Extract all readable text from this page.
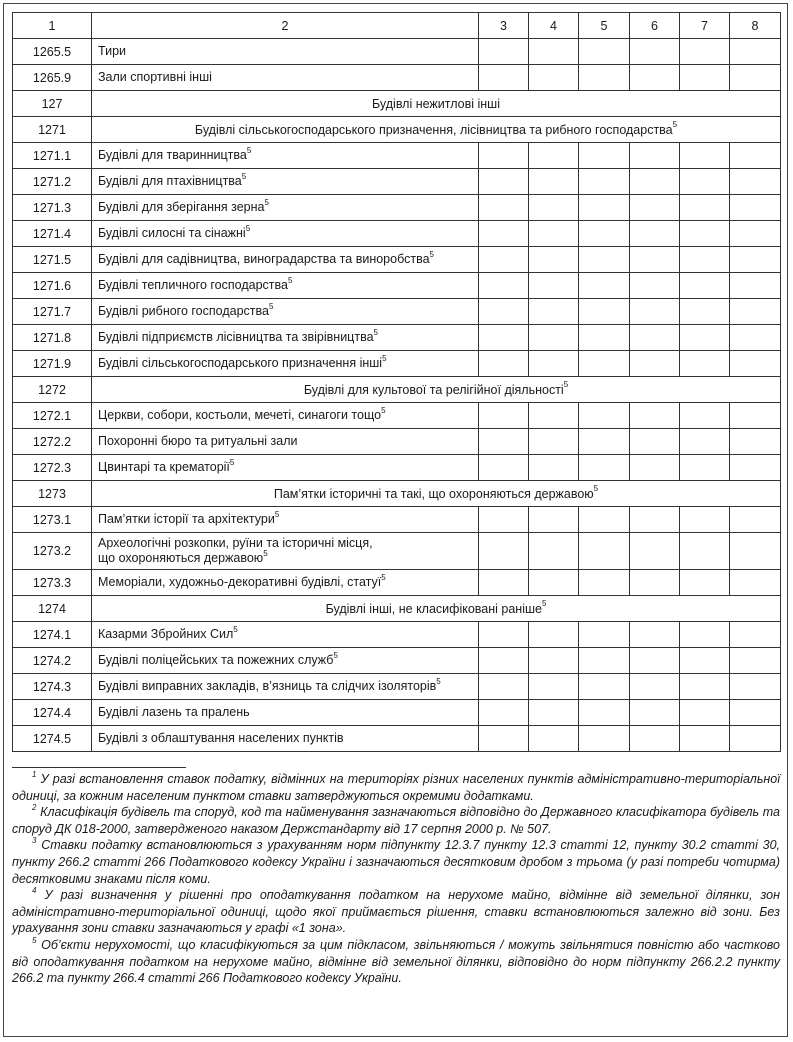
1	2	3	4	5	6	7	8
1265.5	Тири						
1265.9	Зали спортивні інші						
127	Будівлі нежитлові інші						
1271	Будівлі сільськогосподарського призначення, лісівництва та рибного господарства$^5$
1271.1	Будівлі для тваринництва$^5$						
1271.2	Будівлі для птахівництва$^5$						
1271.3	Будівлі для зберігання зерна$^5$						
1271.4	Будівлі силосні та сінажні$^5$						
1271.5	Будівлі для садівництва, виноградарства та виноробства$^5$						
1271.6	Будівлі тепличного господарства$^5$						
1271.7	Будівлі рибного господарства$^5$						
1271.8	Будівлі підприємств лісівництва та звірівництва$^5$						
1271.9	Будівлі сільськогосподарського призначення інші$^5$						
1272	Будівлі для культової та релігійної діяльності$^5$
1272.1	Церкви, собори, костьоли, мечеті, синагоги тощо$^5$						
1272.2	Похоронні бюро та ритуальні зали						
1272.3	Цвинтарі та крематорії$^5$						
1273	Пам’ятки історичні та такі, що охороняються державою$^5$
1273.1	Пам’ятки історії та архітектури$^5$						
1273.2	Археологічні розкопки, руїни та історичні місця,
що охороняються державою$^5$						
1273.3	Меморіали, художньо-декоративні будівлі, статуї$^5$						
1274	Будівлі інші, не класифіковані раніше$^5$
1274.1	Казарми Збройних Сил$^5$						
1274.2	Будівлі поліцейських та пожежних служб$^5$						
1274.3	Будівлі виправних закладів, в’язниць та слідчих ізоляторів$^5$						
1274.4	Будівлі лазень та пралень						
1274.5	Будівлі з облаштування населених пунктів						

$^1$ У разі встановлення ставок податку, відмінних на територіях різних населених пунктів адміністративно-територіальної одиниці, за кожним населеним пунктом ставки затверджуються окремими додатками.

$^2$ Класифікація будівель та споруд, код та найменування зазначаються відповідно до Державного класифікатора будівель та споруд ДК 018-2000, затвердженого наказом Держстандарту від 17 серпня 2000 р. № 507.

$^3$ Ставки податку встановлюються з урахуванням норм підпункту 12.3.7 пункту 12.3 статті 12, пункту 30.2 статті 30, пункту 266.2 статті 266 Податкового кодексу України і зазначаються десятковим дробом з трьома (у разі потреби чотирма) десятковими знаками після коми.

$^4$ У разі визначення у рішенні про оподаткування податком на нерухоме майно, відмінне від земельної ділянки, зон адміністративно-територіальної одиниці, щодо якої приймається рішення, ставки встановлюються залежно від зони. Без урахування зони ставки зазначаються у графі «1 зона».

$^5$ Об’єкти нерухомості, що класифікуються за цим підкласом, звільняються / можуть звільнятися повністю або частково від оподаткування податком на нерухоме майно, відмінне від земельної ділянки, відповідно до норм підпункту 266.2.2 пункту 266.2 та пункту 266.4 статті 266 Податкового кодексу України.
